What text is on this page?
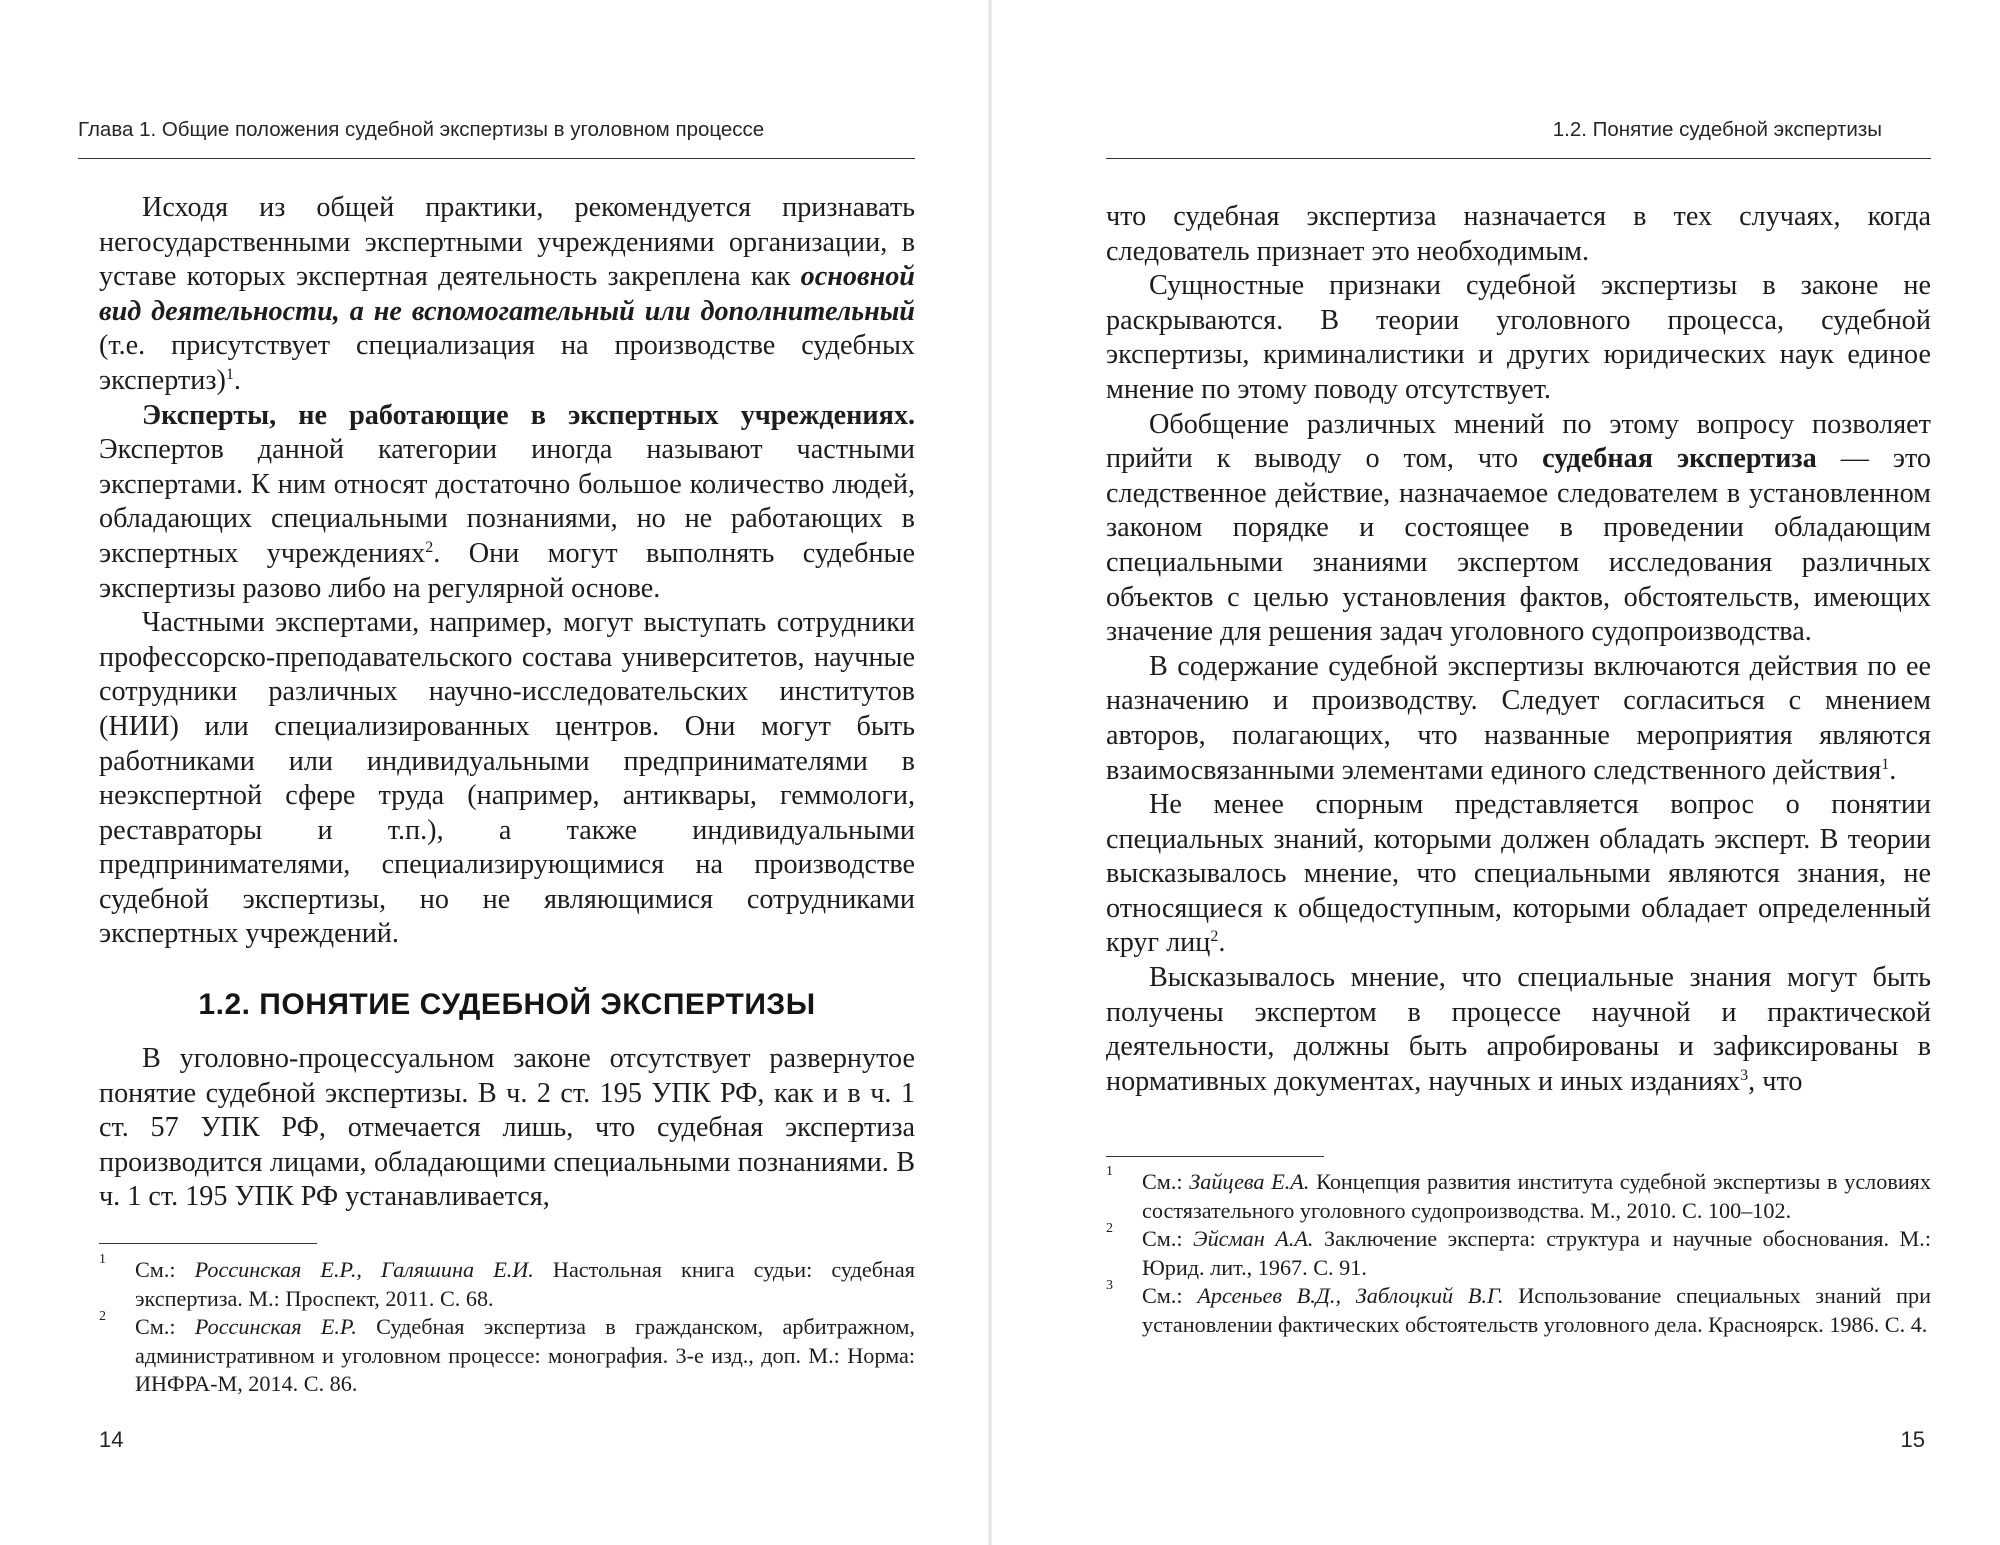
Глава 1. Общие положения судебной экспертизы в уголовном процессе

Исходя из общей практики, рекомендуется признавать негосударственными экспертными учреждениями организации, в уставе которых экспертная деятельность закреплена как основной вид деятельности, а не вспомогательный или дополнительный (т.е. присутствует специализация на производстве судебных экспертиз)$^1$.

Эксперты, не работающие в экспертных учреждениях. Экспертов данной категории иногда называют частными экспертами. К ним относят достаточно большое количество людей, обладающих специальными познаниями, но не работающих в экспертных учреждениях$^2$. Они могут выполнять судебные экспертизы разово либо на регулярной основе.

Частными экспертами, например, могут выступать сотрудники профессорско-преподавательского состава университетов, научные сотрудники различных научно-исследовательских институтов (НИИ) или специализированных центров. Они могут быть работниками или индивидуальными предпринимателями в неэкспертной сфере труда (например, антиквары, геммологи, реставраторы и т.п.), а также индивидуальными предпринимателями, специализирующимися на производстве судебной экспертизы, но не являющимися сотрудниками экспертных учреждений.

1.2. ПОНЯТИЕ СУДЕБНОЙ ЭКСПЕРТИЗЫ

В уголовно-процессуальном законе отсутствует развернутое понятие судебной экспертизы. В ч. 2 ст. 195 УПК РФ, как и в ч. 1 ст. 57 УПК РФ, отмечается лишь, что судебная экспертиза производится лицами, обладающими специальными познаниями. В ч. 1 ст. 195 УПК РФ устанавливается,

1 См.: Россинская Е.Р., Галяшина Е.И. Настольная книга судьи: судебная экспертиза. М.: Проспект, 2011. С. 68.

2 См.: Россинская Е.Р. Судебная экспертиза в гражданском, арбитражном, административном и уголовном процессе: монография. 3-е изд., доп. М.: Норма: ИНФРА-М, 2014. С. 86.

14
1.2. Понятие судебной экспертизы

что судебная экспертиза назначается в тех случаях, когда следователь признает это необходимым.

Сущностные признаки судебной экспертизы в законе не раскрываются. В теории уголовного процесса, судебной экспертизы, криминалистики и других юридических наук единое мнение по этому поводу отсутствует.

Обобщение различных мнений по этому вопросу позволяет прийти к выводу о том, что судебная экспертиза — это следственное действие, назначаемое следователем в установленном законом порядке и состоящее в проведении обладающим специальными знаниями экспертом исследования различных объектов с целью установления фактов, обстоятельств, имеющих значение для решения задач уголовного судопроизводства.

В содержание судебной экспертизы включаются действия по ее назначению и производству. Следует согласиться с мнением авторов, полагающих, что названные мероприятия являются взаимосвязанными элементами единого следственного действия$^1$.

Не менее спорным представляется вопрос о понятии специальных знаний, которыми должен обладать эксперт. В теории высказывалось мнение, что специальными являются знания, не относящиеся к общедоступным, которыми обладает определенный круг лиц$^2$.

Высказывалось мнение, что специальные знания могут быть получены экспертом в процессе научной и практической деятельности, должны быть апробированы и зафиксированы в нормативных документах, научных и иных изданиях$^3$, что

1 См.: Зайцева Е.А. Концепция развития института судебной экспертизы в условиях состязательного уголовного судопроизводства. М., 2010. С. 100–102.

2 См.: Эйсман А.А. Заключение эксперта: структура и научные обоснования. М.: Юрид. лит., 1967. С. 91.

3 См.: Арсеньев В.Д., Заблоцкий В.Г. Использование специальных знаний при установлении фактических обстоятельств уголовного дела. Красноярск. 1986. С. 4.

15
